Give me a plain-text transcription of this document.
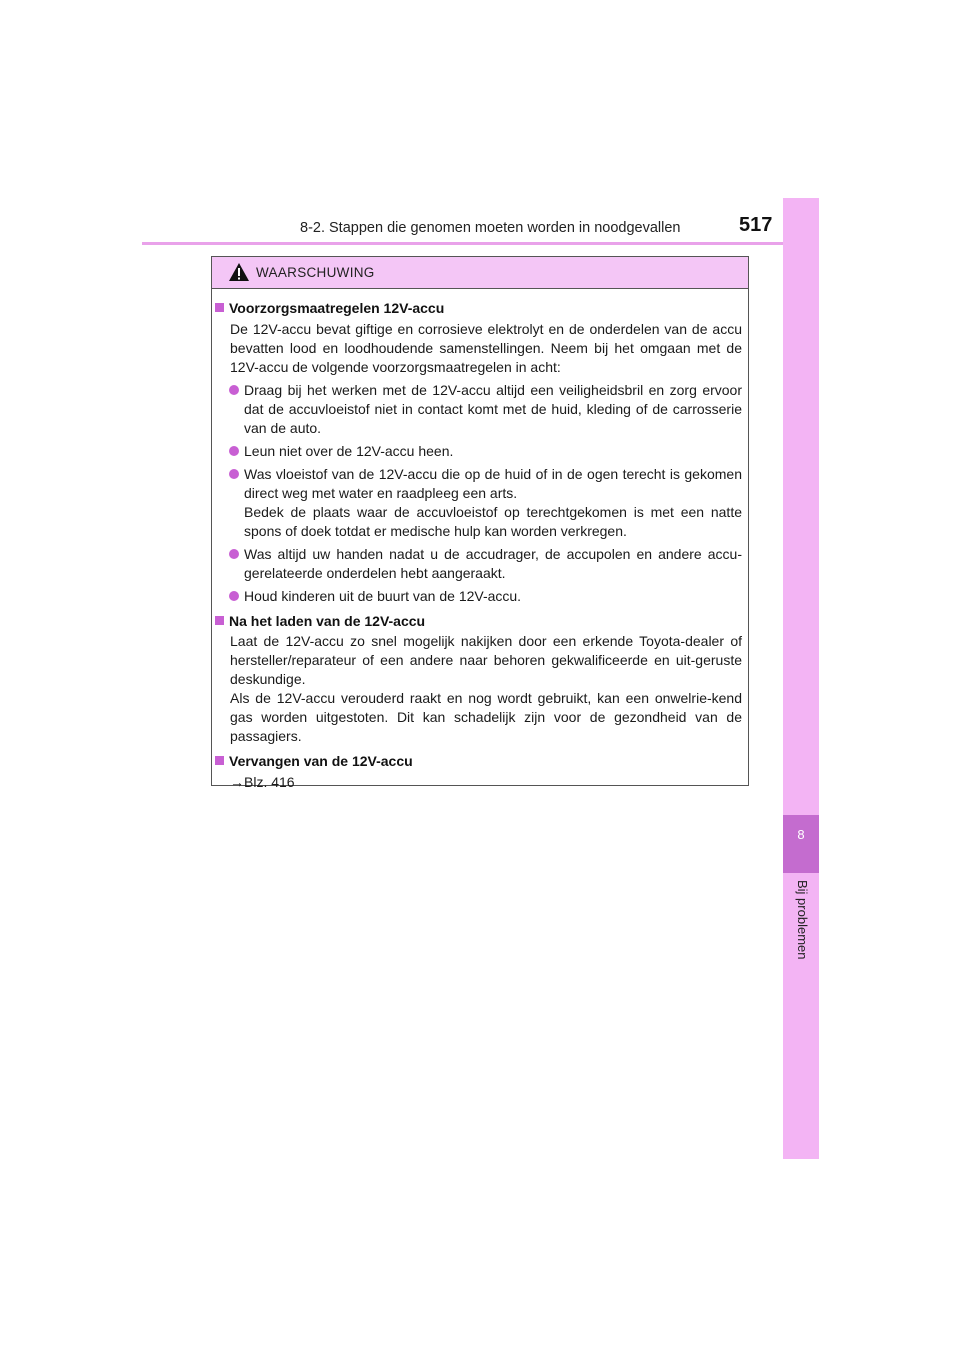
8-2. Stappen die genomen moeten worden in noodgevallen	517
8
Bij problemen
WAARSCHUWING
Voorzorgsmaatregelen 12V-accu

De 12V-accu bevat giftige en corrosieve elektrolyt en de onderdelen van de accu bevatten lood en loodhoudende samenstellingen. Neem bij het omgaan met de 12V-accu de volgende voorzorgsmaatregelen in acht:

Draag bij het werken met de 12V-accu altijd een veiligheidsbril en zorg ervoor dat de accuvloeistof niet in contact komt met de huid, kleding of de carrosserie van de auto.
Leun niet over de 12V-accu heen.
Was vloeistof van de 12V-accu die op de huid of in de ogen terecht is gekomen direct weg met water en raadpleeg een arts.
Bedek de plaats waar de accuvloeistof op terechtgekomen is met een natte spons of doek totdat er medische hulp kan worden verkregen.
Was altijd uw handen nadat u de accudrager, de accupolen en andere accu-gerelateerde onderdelen hebt aangeraakt.
Houd kinderen uit de buurt van de 12V-accu.
Na het laden van de 12V-accu

Laat de 12V-accu zo snel mogelijk nakijken door een erkende Toyota-dealer of hersteller/reparateur of een andere naar behoren gekwalificeerde en uit-geruste deskundige.
Als de 12V-accu verouderd raakt en nog wordt gebruikt, kan een onwelrie-kend gas worden uitgestoten. Dit kan schadelijk zijn voor de gezondheid van de passagiers.

Vervangen van de 12V-accu
→Blz. 416
